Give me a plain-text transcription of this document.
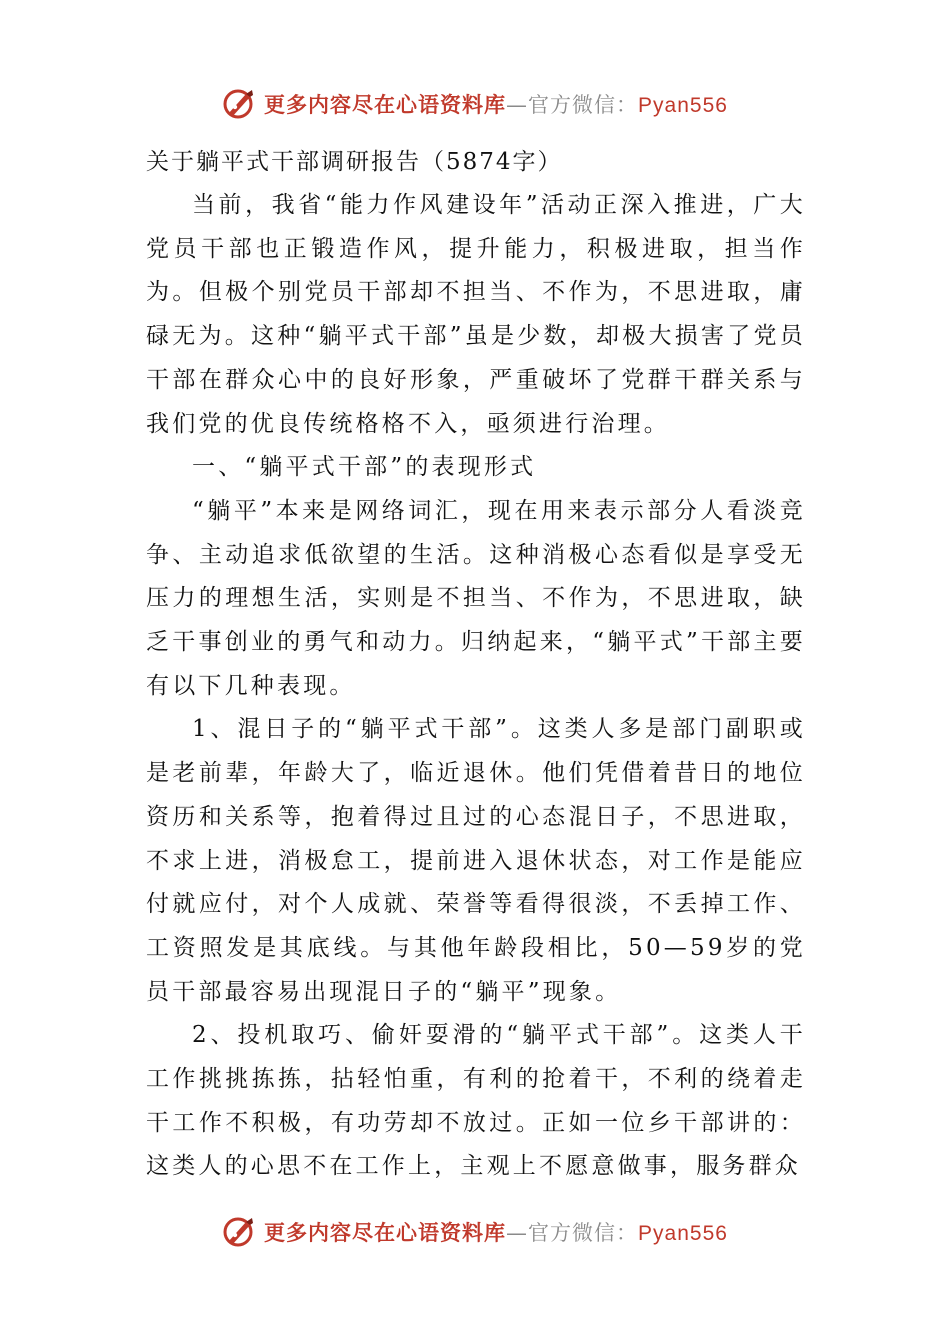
更多内容尽在心语资料库—官方微信：Pyan556
关于躺平式干部调研报告（5874字）

当前，我省“能力作风建设年”活动正深入推进，广大党员干部也正锻造作风，提升能力，积极进取，担当作为。但极个别党员干部却不担当、不作为，不思进取，庸碌无为。这种“躺平式干部”虽是少数，却极大损害了党员干部在群众心中的良好形象，严重破坏了党群干群关系与我们党的优良传统格格不入，亟须进行治理。

一、“躺平式干部”的表现形式

“躺平”本来是网络词汇，现在用来表示部分人看淡竞争、主动追求低欲望的生活。这种消极心态看似是享受无压力的理想生活，实则是不担当、不作为，不思进取，缺乏干事创业的勇气和动力。归纳起来，“躺平式”干部主要有以下几种表现。

1、混日子的“躺平式干部”。这类人多是部门副职或是老前辈，年龄大了，临近退休。他们凭借着昔日的地位资历和关系等，抱着得过且过的心态混日子，不思进取，不求上进，消极怠工，提前进入退休状态，对工作是能应付就应付，对个人成就、荣誉等看得很淡，不丢掉工作、工资照发是其底线。与其他年龄段相比，50—59岁的党员干部最容易出现混日子的“躺平”现象。

2、投机取巧、偷奸耍滑的“躺平式干部”。这类人干工作挑挑拣拣，拈轻怕重，有利的抢着干，不利的绕着走干工作不积极，有功劳却不放过。正如一位乡干部讲的：这类人的心思不在工作上，主观上不愿意做事，服务群众

更多内容尽在心语资料库—官方微信：Pyan556
